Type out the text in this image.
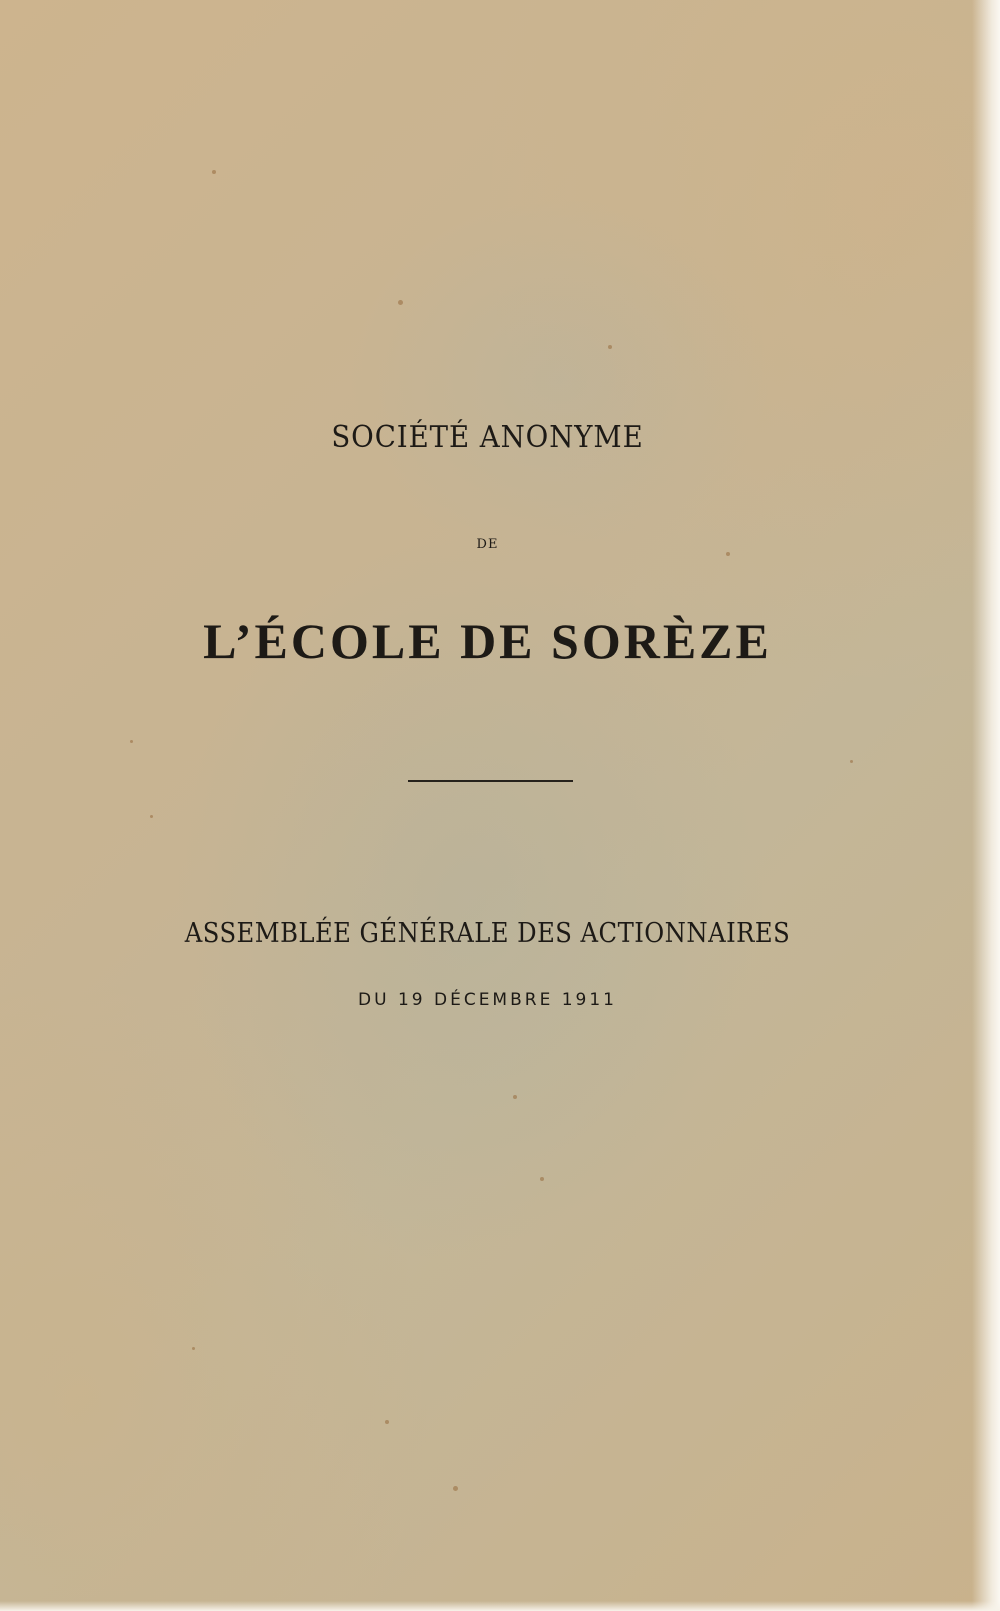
SOCIÉTÉ ANONYME

DE

L’ÉCOLE DE SORÈZE

ASSEMBLÉE GÉNÉRALE DES ACTIONNAIRES

DU 19 DÉCEMBRE 1911
